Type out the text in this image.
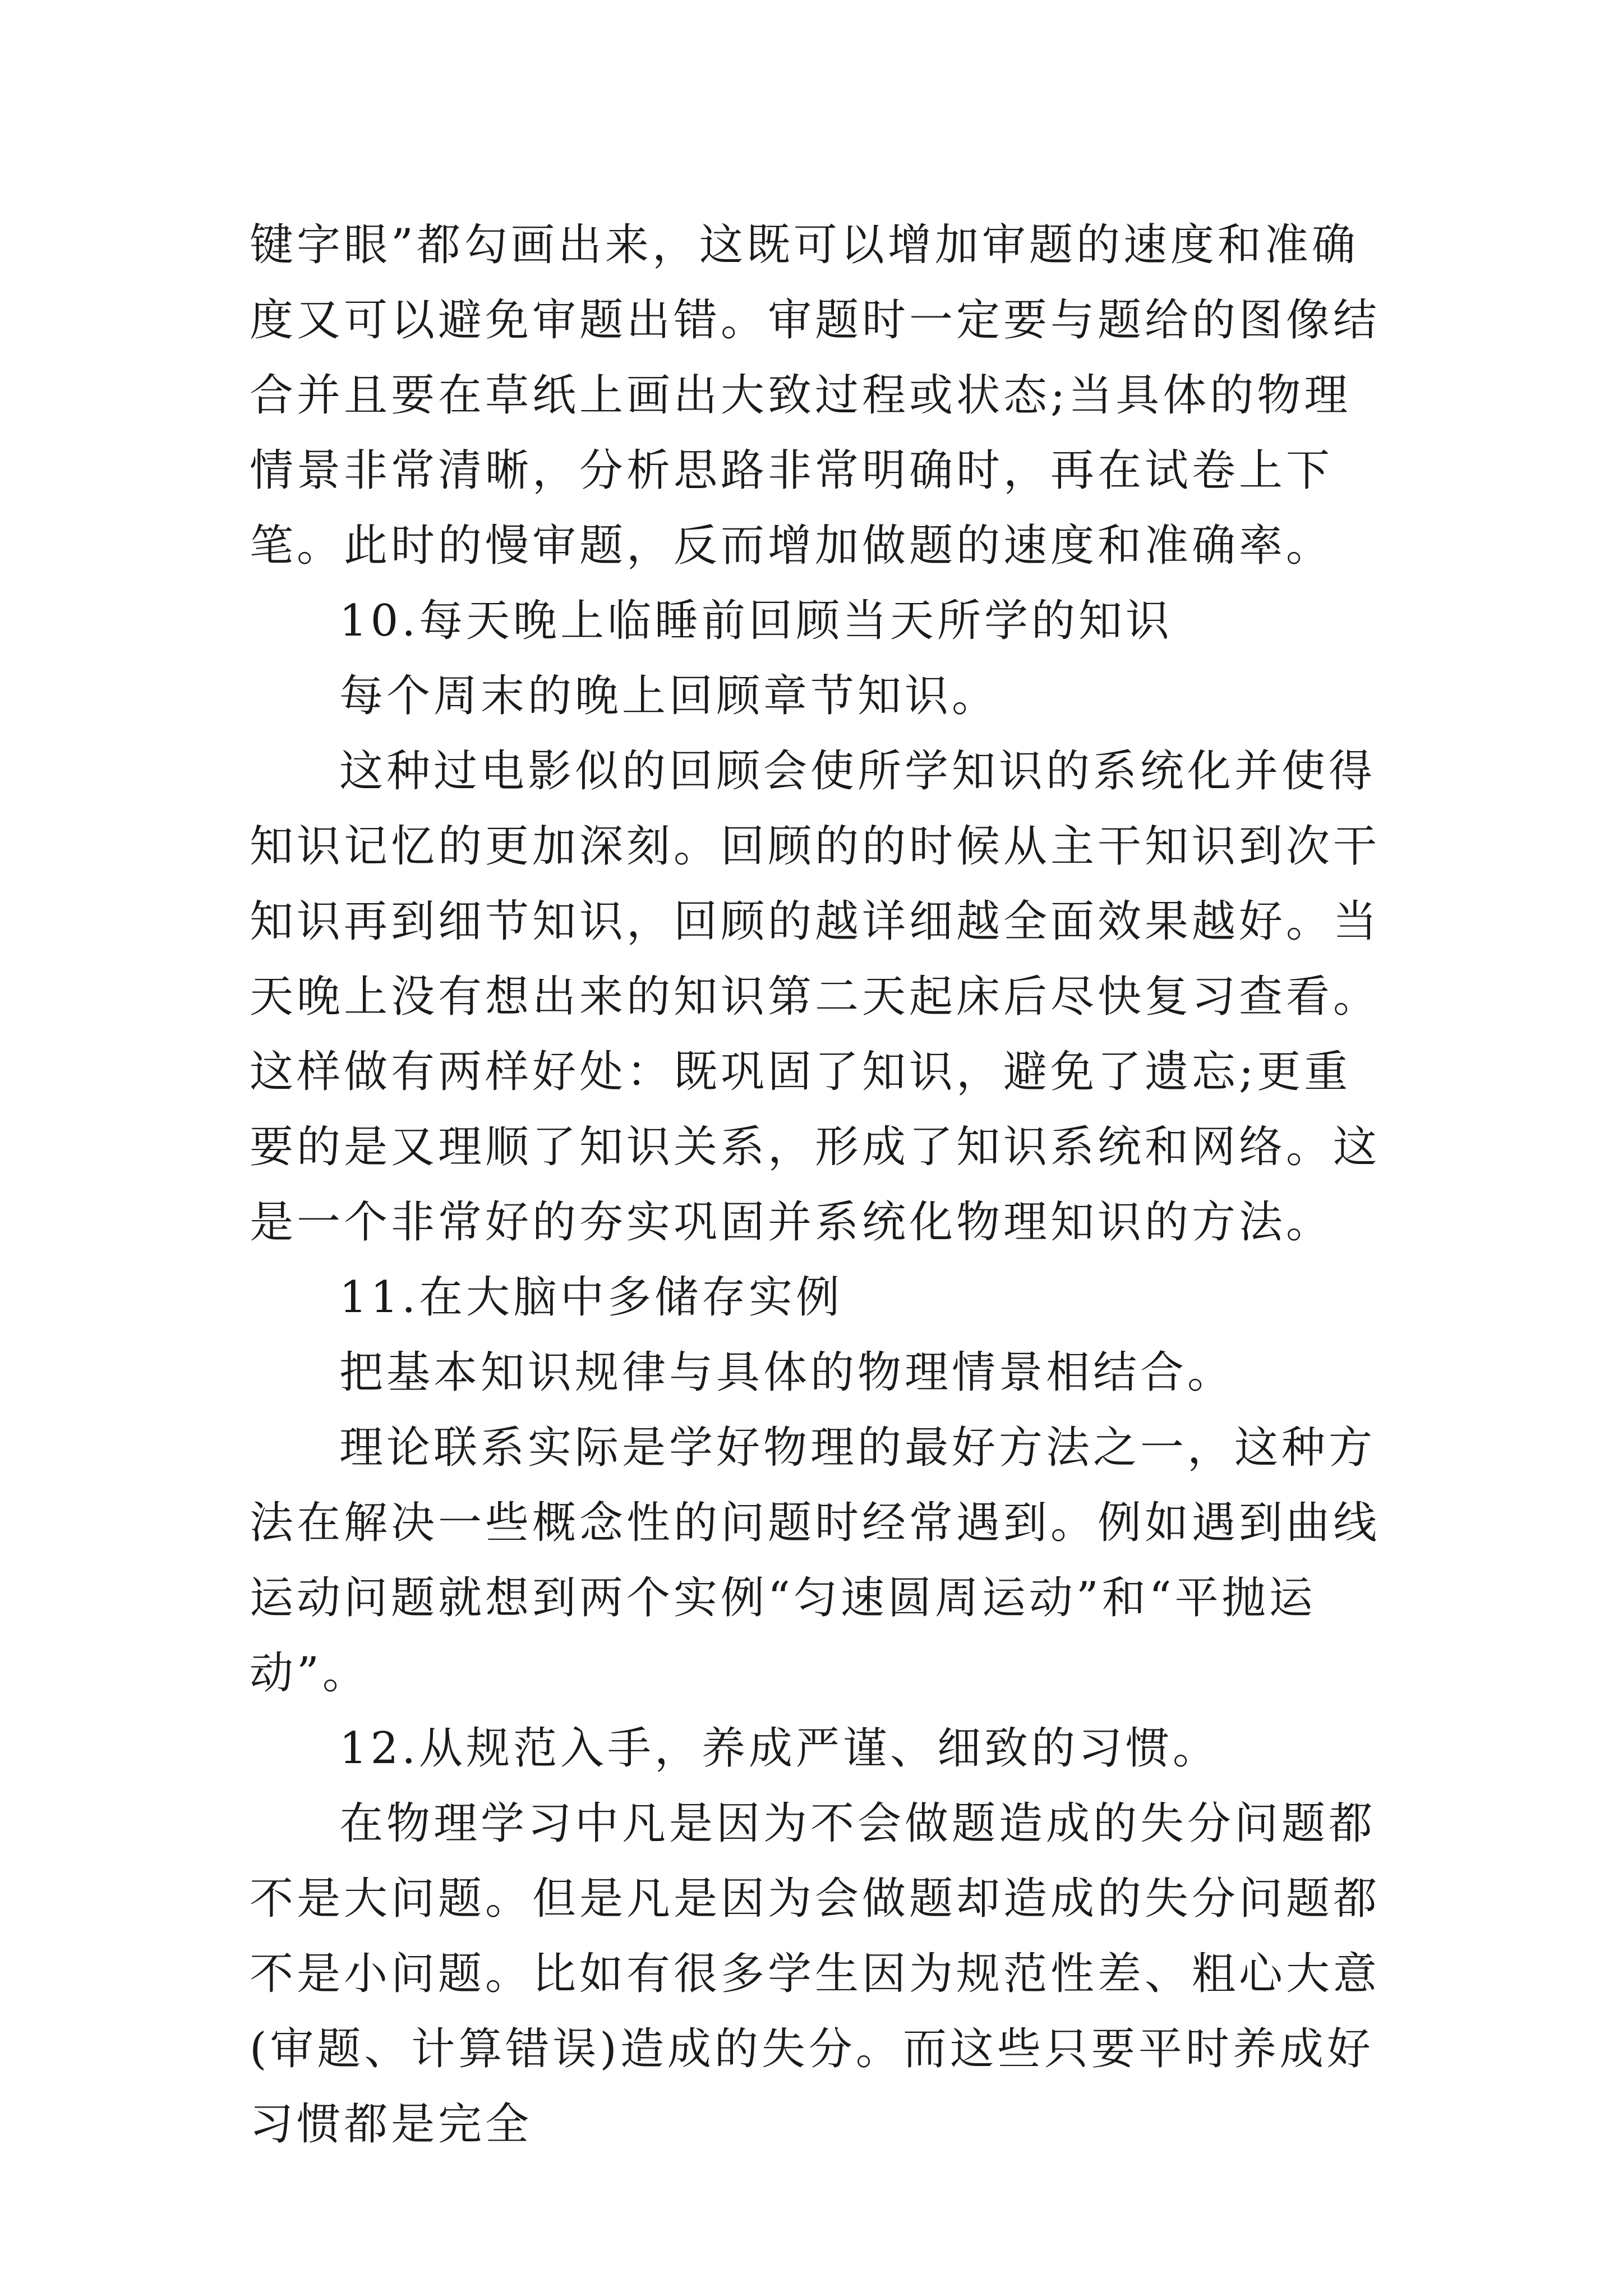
键字眼”都勾画出来，这既可以增加审题的速度和准确度又可以避免审题出错。审题时一定要与题给的图像结合并且要在草纸上画出大致过程或状态;当具体的物理情景非常清晰，分析思路非常明确时，再在试卷上下笔。此时的慢审题，反而增加做题的速度和准确率。

10.每天晚上临睡前回顾当天所学的知识

每个周末的晚上回顾章节知识。

这种过电影似的回顾会使所学知识的系统化并使得知识记忆的更加深刻。回顾的的时候从主干知识到次干知识再到细节知识，回顾的越详细越全面效果越好。当天晚上没有想出来的知识第二天起床后尽快复习查看。这样做有两样好处：既巩固了知识，避免了遗忘;更重要的是又理顺了知识关系，形成了知识系统和网络。这是一个非常好的夯实巩固并系统化物理知识的方法。

11.在大脑中多储存实例

把基本知识规律与具体的物理情景相结合。

理论联系实际是学好物理的最好方法之一，这种方法在解决一些概念性的问题时经常遇到。例如遇到曲线运动问题就想到两个实例“匀速圆周运动”和“平抛运动”。

12.从规范入手，养成严谨、细致的习惯。

在物理学习中凡是因为不会做题造成的失分问题都不是大问题。但是凡是因为会做题却造成的失分问题都不是小问题。比如有很多学生因为规范性差、粗心大意(审题、计算错误)造成的失分。而这些只要平时养成好习惯都是完全
